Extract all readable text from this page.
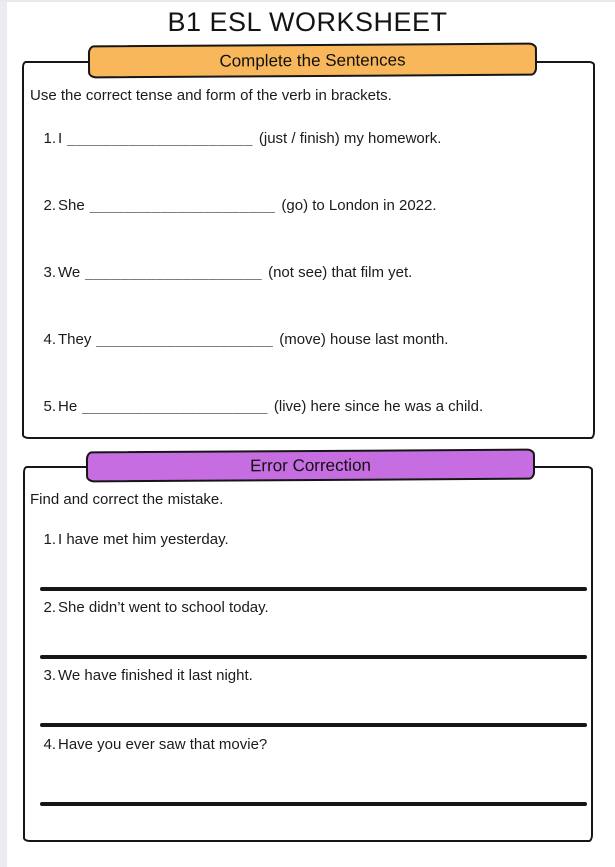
B1 ESL WORKSHEET
Complete the Sentences
Use the correct tense and form of the verb in brackets.
1. I _____________________ (just / finish) my homework.
2. She _____________________ (go) to London in 2022.
3. We ____________________ (not see) that film yet.
4. They ____________________ (move) house last month.
5. He _____________________ (live) here since he was a child.
Error Correction
Find and correct the mistake.
1. I have met him yesterday.
2. She didn’t went to school today.
3. We have finished it last night.
4. Have you ever saw that movie?
